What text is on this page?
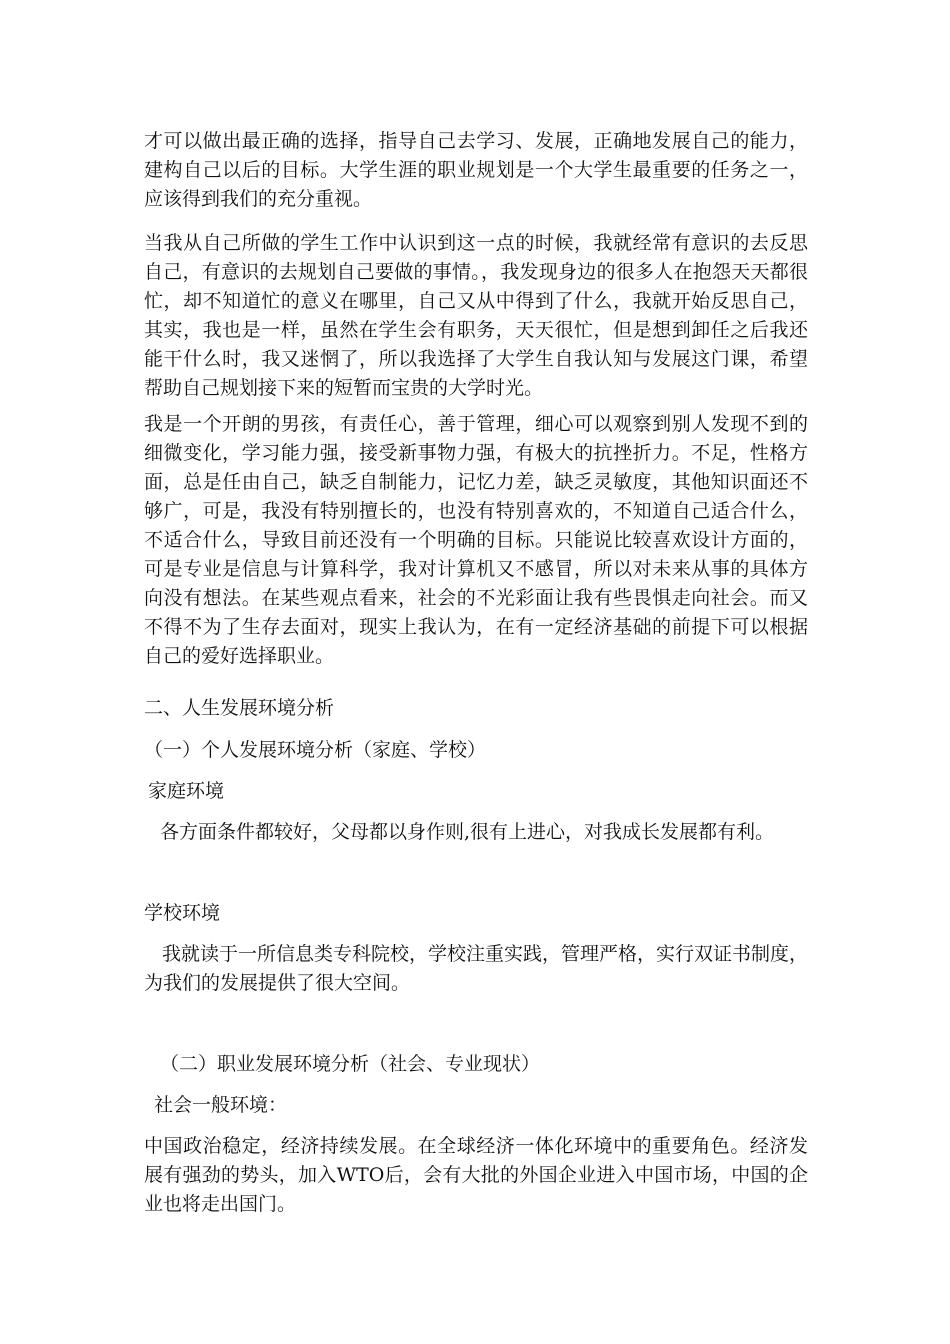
才可以做出最正确的选择，指导自己去学习、发展，正确地发展自己的能力，建构自己以后的目标。大学生涯的职业规划是一个大学生最重要的任务之一，应该得到我们的充分重视。

当我从自己所做的学生工作中认识到这一点的时候，我就经常有意识的去反思自己，有意识的去规划自己要做的事情。，我发现身边的很多人在抱怨天天都很忙，却不知道忙的意义在哪里，自己又从中得到了什么，我就开始反思自己，其实，我也是一样，虽然在学生会有职务，天天很忙，但是想到卸任之后我还能干什么时，我又迷惘了，所以我选择了大学生自我认知与发展这门课，希望帮助自己规划接下来的短暂而宝贵的大学时光。

我是一个开朗的男孩，有责任心，善于管理，细心可以观察到别人发现不到的细微变化，学习能力强，接受新事物力强，有极大的抗挫折力。不足，性格方面，总是任由自己，缺乏自制能力，记忆力差，缺乏灵敏度，其他知识面还不够广，可是，我没有特别擅长的，也没有特别喜欢的，不知道自己适合什么，不适合什么，导致目前还没有一个明确的目标。只能说比较喜欢设计方面的，可是专业是信息与计算科学，我对计算机又不感冒，所以对未来从事的具体方向没有想法。在某些观点看来，社会的不光彩面让我有些畏惧走向社会。而又不得不为了生存去面对，现实上我认为，在有一定经济基础的前提下可以根据自己的爱好选择职业。

二、人生发展环境分析

（一）个人发展环境分析（家庭、学校）

家庭环境

各方面条件都较好，父母都以身作则,很有上进心，对我成长发展都有利。

学校环境

我就读于一所信息类专科院校，学校注重实践，管理严格，实行双证书制度，为我们的发展提供了很大空间。

（二）职业发展环境分析（社会、专业现状）

社会一般环境：

中国政治稳定，经济持续发展。在全球经济一体化环境中的重要角色。经济发展有强劲的势头，加入WTO后，会有大批的外国企业进入中国市场，中国的企业也将走出国门。
